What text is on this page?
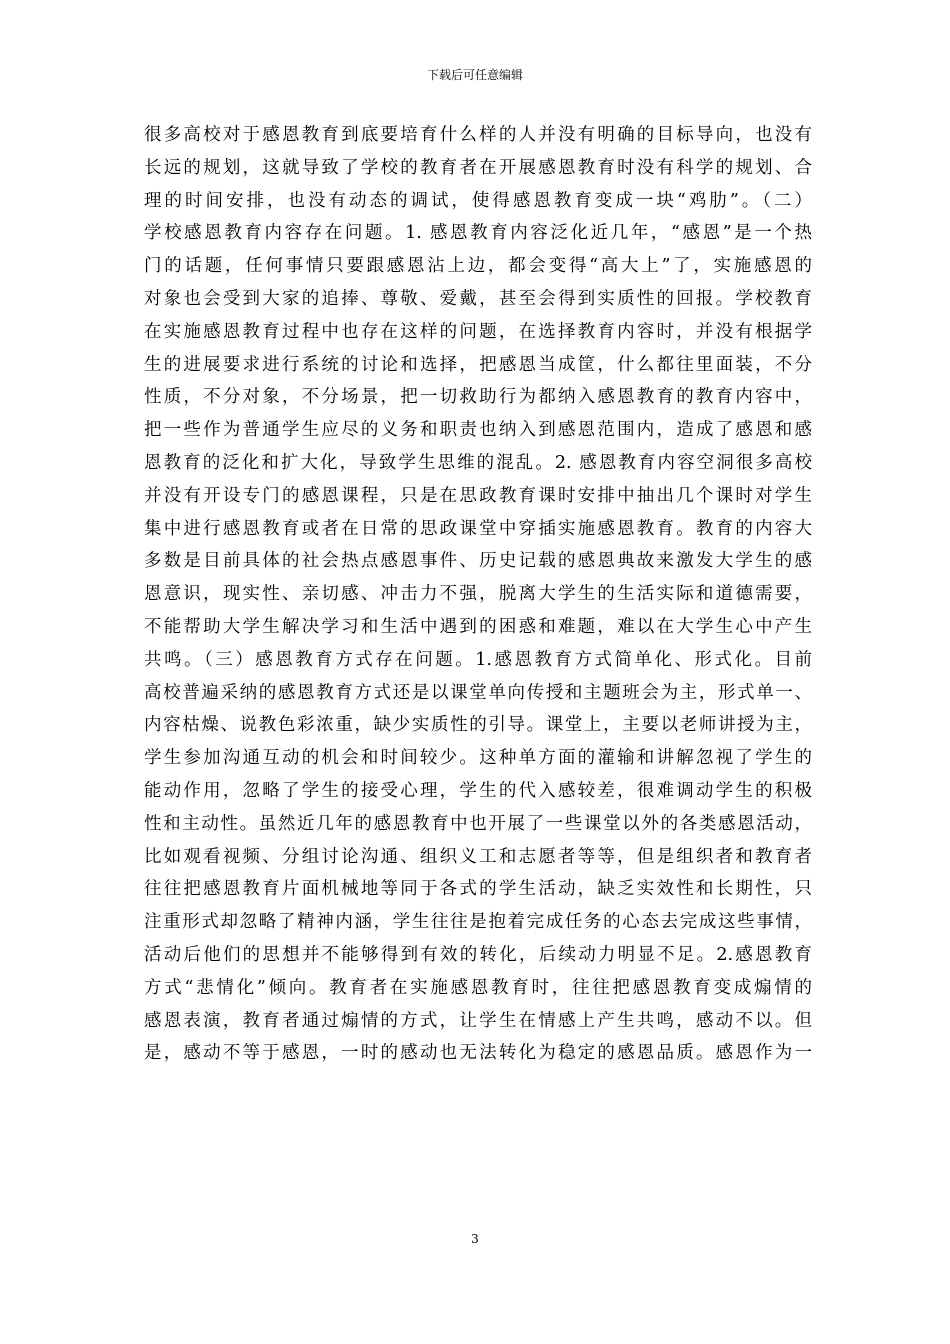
下载后可任意编辑
很多高校对于感恩教育到底要培育什么样的人并没有明确的目标导向，也没有
长远的规划，这就导致了学校的教育者在开展感恩教育时没有科学的规划、合
理的时间安排，也没有动态的调试，使得感恩教育变成一块“鸡肋”。（二）
学校感恩教育内容存在问题。1. 感恩教育内容泛化近几年，“感恩”是一个热
门的话题，任何事情只要跟感恩沾上边，都会变得“高大上”了，实施感恩的
对象也会受到大家的追捧、尊敬、爱戴，甚至会得到实质性的回报。学校教育
在实施感恩教育过程中也存在这样的问题，在选择教育内容时，并没有根据学
生的进展要求进行系统的讨论和选择，把感恩当成筐，什么都往里面装，不分
性质，不分对象，不分场景，把一切救助行为都纳入感恩教育的教育内容中，
把一些作为普通学生应尽的义务和职责也纳入到感恩范围内，造成了感恩和感
恩教育的泛化和扩大化，导致学生思维的混乱。2. 感恩教育内容空洞很多高校
并没有开设专门的感恩课程，只是在思政教育课时安排中抽出几个课时对学生
集中进行感恩教育或者在日常的思政课堂中穿插实施感恩教育。教育的内容大
多数是目前具体的社会热点感恩事件、历史记载的感恩典故来激发大学生的感
恩意识，现实性、亲切感、冲击力不强，脱离大学生的生活实际和道德需要，
不能帮助大学生解决学习和生活中遇到的困惑和难题，难以在大学生心中产生
共鸣。（三）感恩教育方式存在问题。1.感恩教育方式简单化、形式化。目前
高校普遍采纳的感恩教育方式还是以课堂单向传授和主题班会为主，形式单一、
内容枯燥、说教色彩浓重，缺少实质性的引导。课堂上，主要以老师讲授为主，
学生参加沟通互动的机会和时间较少。这种单方面的灌输和讲解忽视了学生的
能动作用，忽略了学生的接受心理，学生的代入感较差，很难调动学生的积极
性和主动性。虽然近几年的感恩教育中也开展了一些课堂以外的各类感恩活动，
比如观看视频、分组讨论沟通、组织义工和志愿者等等，但是组织者和教育者
往往把感恩教育片面机械地等同于各式的学生活动，缺乏实效性和长期性，只
注重形式却忽略了精神内涵，学生往往是抱着完成任务的心态去完成这些事情，
活动后他们的思想并不能够得到有效的转化，后续动力明显不足。2.感恩教育
方式“悲情化”倾向。教育者在实施感恩教育时，往往把感恩教育变成煽情的
感恩表演，教育者通过煽情的方式，让学生在情感上产生共鸣，感动不以。但
是，感动不等于感恩，一时的感动也无法转化为稳定的感恩品质。感恩作为一
3
